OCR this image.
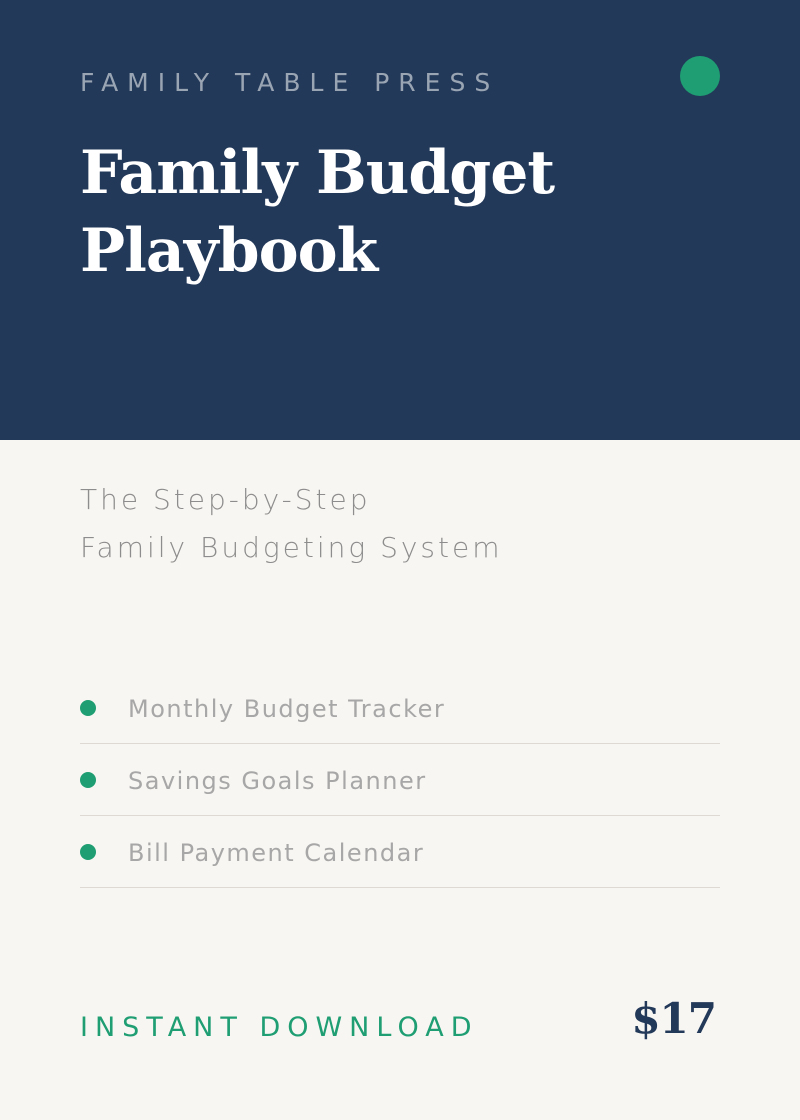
FAMILY TABLE PRESS
Family Budget
Playbook
The Step-by-Step
Family Budgeting System
Monthly Budget Tracker
Savings Goals Planner
Bill Payment Calendar
INSTANT DOWNLOAD	$17
